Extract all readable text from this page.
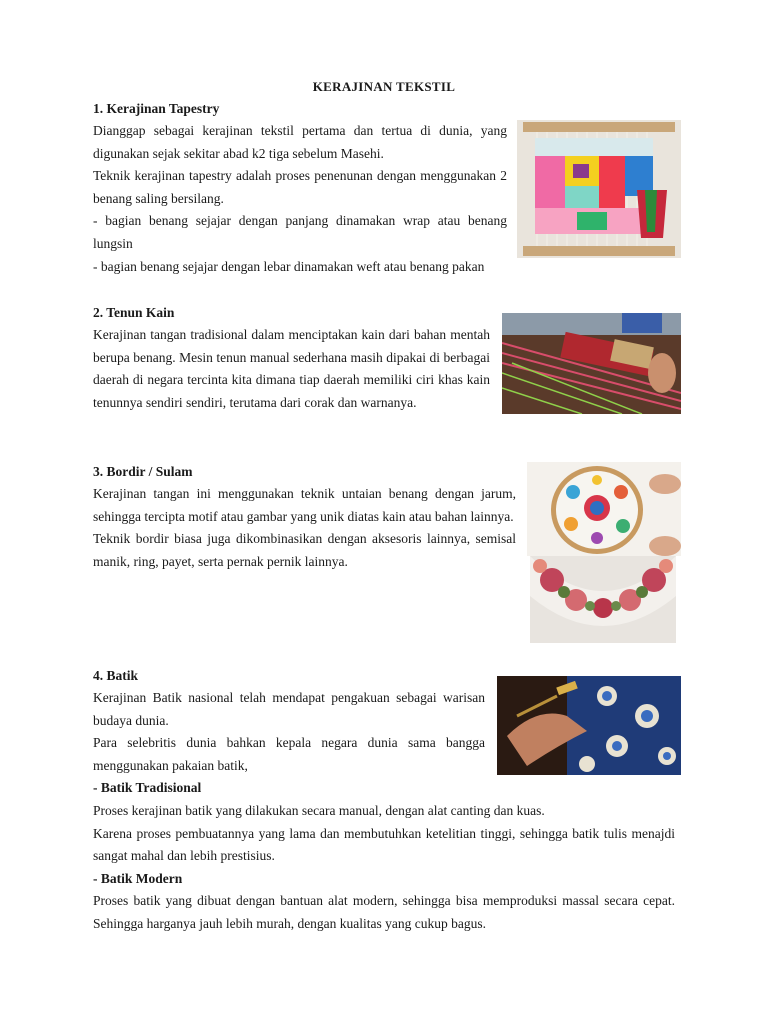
KERAJINAN TEKSTIL

1. Kerajinan Tapestry

Dianggap sebagai kerajinan tekstil pertama dan tertua di dunia, yang digunakan sejak sekitar abad k2 tiga sebelum Masehi.

Teknik kerajinan tapestry adalah proses penenunan dengan menggunakan 2 benang saling bersilang.

- bagian benang sejajar dengan panjang dinamakan wrap atau benang lungsin

- bagian benang sejajar dengan lebar dinamakan weft atau benang pakan

2. Tenun Kain

Kerajinan tangan tradisional dalam menciptakan kain dari bahan mentah berupa benang. Mesin tenun manual sederhana masih dipakai di berbagai daerah di negara tercinta kita dimana tiap daerah memiliki ciri khas kain tenunnya sendiri sendiri, terutama dari corak dan warnanya.

3. Bordir / Sulam

Kerajinan tangan ini menggunakan teknik untaian benang dengan jarum, sehingga tercipta motif atau gambar yang unik diatas kain atau bahan lainnya.

Teknik bordir biasa juga dikombinasikan dengan aksesoris lainnya, semisal manik, ring, payet, serta pernak pernik lainnya.

4. Batik

Kerajinan Batik nasional telah mendapat pengakuan sebagai warisan budaya dunia.

Para selebritis dunia bahkan kepala negara dunia sama bangga menggunakan pakaian batik,

- Batik Tradisional

Proses kerajinan batik yang dilakukan secara manual, dengan alat canting dan kuas.

Karena proses pembuatannya yang lama dan membutuhkan ketelitian tinggi, sehingga batik tulis menajdi sangat mahal dan lebih prestisius.

- Batik Modern

Proses batik yang dibuat dengan bantuan alat modern, sehingga bisa memproduksi massal secara cepat. Sehingga harganya jauh lebih murah, dengan kualitas yang cukup bagus.
